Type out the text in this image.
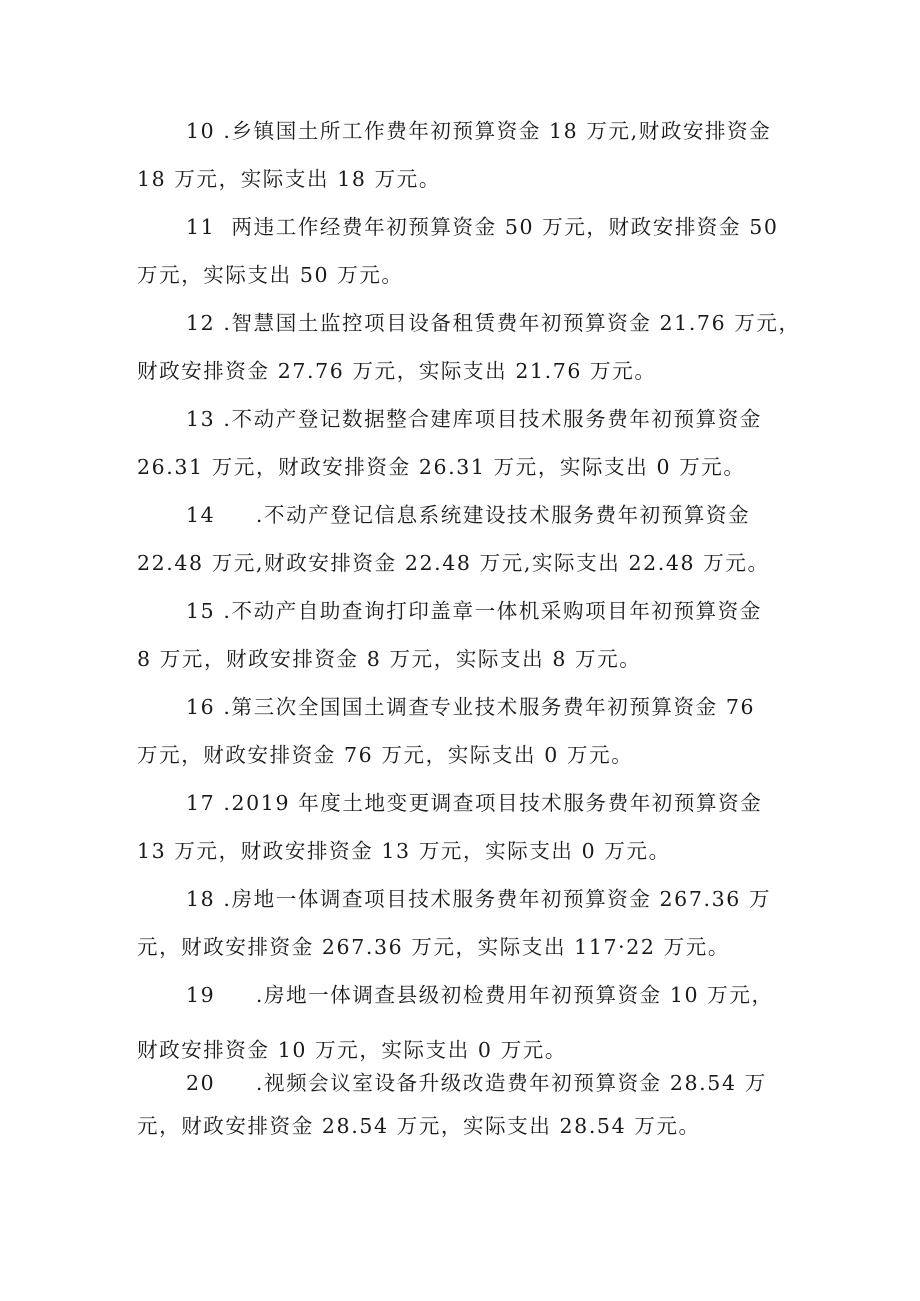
10 .乡镇国土所工作费年初预算资金 18 万元,财政安排资金
18 万元，实际支出 18 万元。
11  两违工作经费年初预算资金 50 万元，财政安排资金 50
万元，实际支出 50 万元。
12 .智慧国土监控项目设备租赁费年初预算资金 21.76 万元，
财政安排资金 27.76 万元，实际支出 21.76 万元。
13 .不动产登记数据整合建库项目技术服务费年初预算资金
26.31 万元，财政安排资金 26.31 万元，实际支出 0 万元。
14     .不动产登记信息系统建设技术服务费年初预算资金
22.48 万元,财政安排资金 22.48 万元,实际支出 22.48 万元。
15 .不动产自助查询打印盖章一体机采购项目年初预算资金
8 万元，财政安排资金 8 万元，实际支出 8 万元。
16 .第三次全国国土调查专业技术服务费年初预算资金 76
万元，财政安排资金 76 万元，实际支出 0 万元。
17 .2019 年度土地变更调查项目技术服务费年初预算资金
13 万元，财政安排资金 13 万元，实际支出 0 万元。
18 .房地一体调查项目技术服务费年初预算资金 267.36 万
元，财政安排资金 267.36 万元，实际支出 117·22 万元。
19     .房地一体调查县级初检费用年初预算资金 10 万元，
财政安排资金 10 万元，实际支出 0 万元。
20     .视频会议室设备升级改造费年初预算资金 28.54 万
元，财政安排资金 28.54 万元，实际支出 28.54 万元。
